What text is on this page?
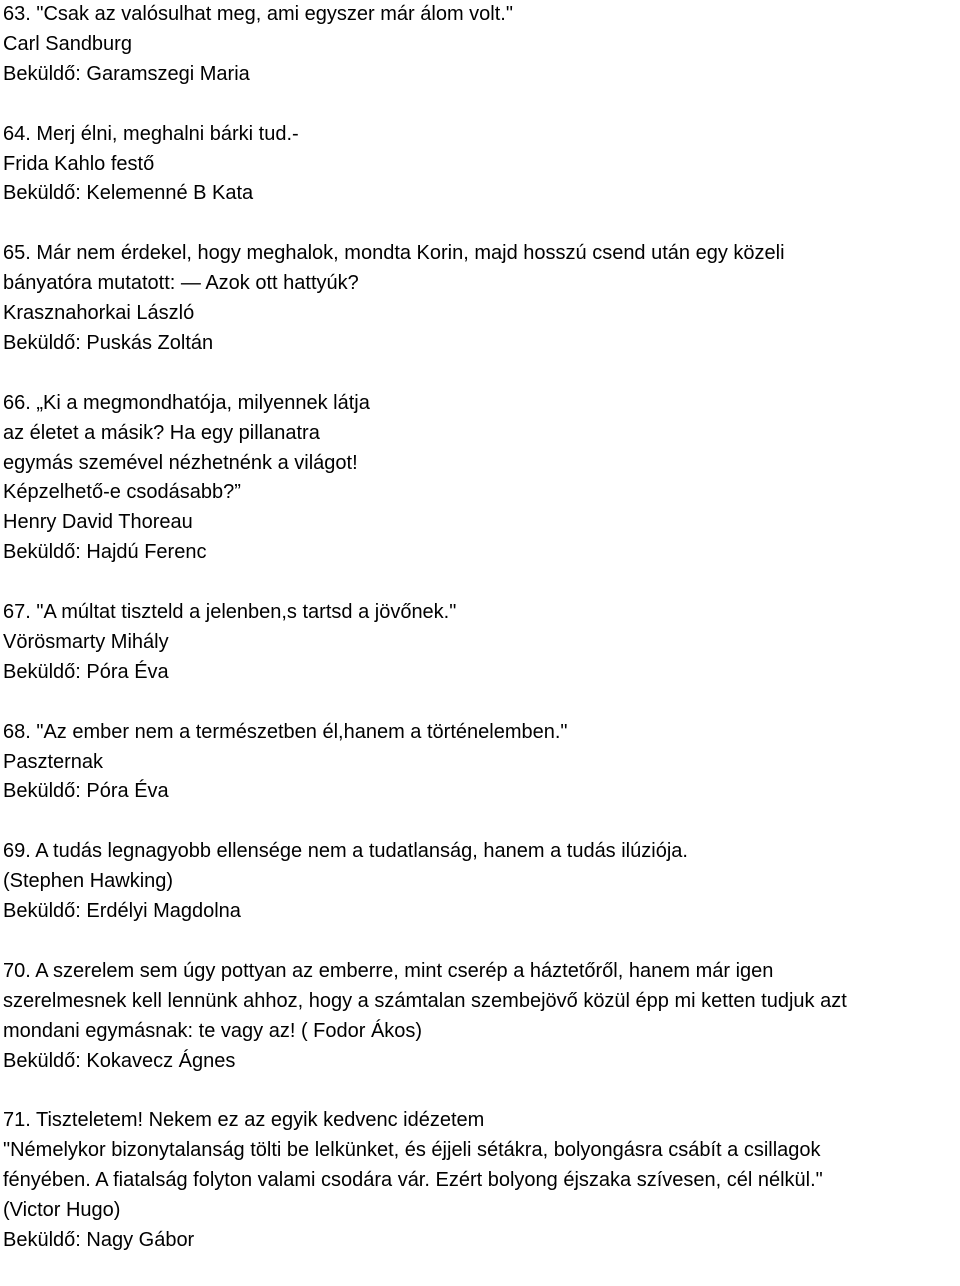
63. "Csak az valósulhat meg, ami egyszer már álom volt."
Carl Sandburg
Beküldő: Garamszegi Maria
64. Merj élni, meghalni bárki tud.-
Frida Kahlo festő
Beküldő: Kelemenné B Kata
65. Már nem érdekel, hogy meghalok, mondta Korin, majd hosszú csend után egy közeli
bányatóra mutatott: ― Azok ott hattyúk?
Krasznahorkai László
Beküldő: Puskás Zoltán
66. „Ki a megmondhatója, milyennek látja
az életet a másik? Ha egy pillanatra
egymás szemével nézhetnénk a világot!
Képzelhető-e csodásabb?”
Henry David Thoreau
Beküldő: Hajdú Ferenc
67. "A múltat tiszteld a jelenben,s tartsd a jövőnek."
Vörösmarty Mihály
Beküldő: Póra Éva
68. "Az ember nem a természetben él,hanem a történelemben."
Paszternak
Beküldő: Póra Éva
69. A tudás legnagyobb ellensége nem a tudatlanság, hanem a tudás ilúziója.
(Stephen Hawking)
Beküldő: Erdélyi Magdolna
70. A szerelem sem úgy pottyan az emberre, mint cserép a háztetőről, hanem már igen
szerelmesnek kell lennünk ahhoz, hogy a számtalan szembejövő közül épp mi ketten tudjuk azt
mondani egymásnak: te vagy az! ( Fodor Ákos)
Beküldő: Kokavecz Ágnes
71. Tiszteletem! Nekem ez az egyik kedvenc idézetem
"Némelykor bizonytalanság tölti be lelkünket, és éjjeli sétákra, bolyongásra csábít a csillagok
fényében. A fiatalság folyton valami csodára vár. Ezért bolyong éjszaka szívesen, cél nélkül."
(Victor Hugo)
Beküldő: Nagy Gábor
